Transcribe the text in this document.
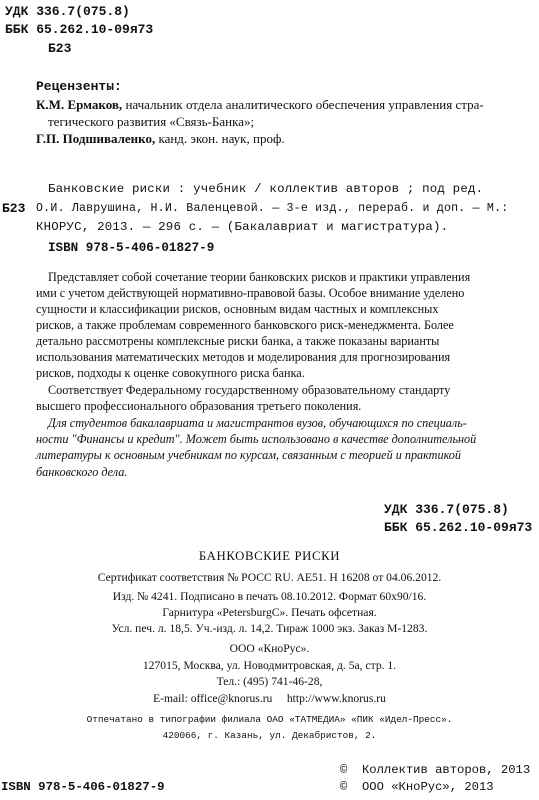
УДК 336.7(075.8)
ББК 65.262.10-09я73
Б23
Рецензенты:
К.М. Ермаков, начальник отдела аналитического обеспечения управления стра-
тегического развития «Связь-Банка»;
Г.П. Подшиваленко, канд. экон. наук, проф.
Б23
Банковские риски : учебник / коллектив авторов ; под ред.
О.И. Лаврушина, Н.И. Валенцевой. — 3-е изд., перераб. и доп. — М.:
КНОРУС, 2013. — 296 с. — (Бакалавриат и магистратура).
ISBN 978-5-406-01827-9
Представляет собой сочетание теории банковских рисков и практики управления
ими с учетом действующей нормативно-правовой базы. Особое внимание уделено
сущности и классификации рисков, основным видам частных и комплексных
рисков, а также проблемам современного банковского риск-менеджмента. Более
детально рассмотрены комплексные риски банка, а также показаны варианты
использования математических методов и моделирования для прогнозирования
рисков, подходы к оценке совокупного риска банка.
Соответствует Федеральному государственному образовательному стандарту
высшего профессионального образования третьего поколения.
Для студентов бакалавриата и магистрантов вузов, обучающихся по специаль-
ности "Финансы и кредит". Может быть использовано в качестве дополнительной
литературы к основным учебникам по курсам, связанным с теорией и практикой
банковского дела.
УДК 336.7(075.8)
ББК 65.262.10-09я73
БАНКОВСКИЕ РИСКИ
Сертификат соответствия № РОСС RU. АЕ51. Н 16208 от 04.06.2012.
Изд. № 4241. Подписано в печать 08.10.2012. Формат 60х90/16.
Гарнитура «PetersburgC». Печать офсетная.
Усл. печ. л. 18,5. Уч.-изд. л. 14,2. Тираж 1000 экз. Заказ М-1283.
ООО «КноРус».
127015, Москва, ул. Новодмитровская, д. 5а, стр. 1.
Тел.: (495) 741-46-28,
E-mail: office@knorus.ru     http://www.knorus.ru
Отпечатано в типографии филиала ОАО «ТАТМЕДИА» «ПИК «Идел-Пресс».
420066, г. Казань, ул. Декабристов, 2.
ISBN 978-5-406-01827-9
©  Коллектив авторов, 2013
©  ООО «КноРус», 2013
